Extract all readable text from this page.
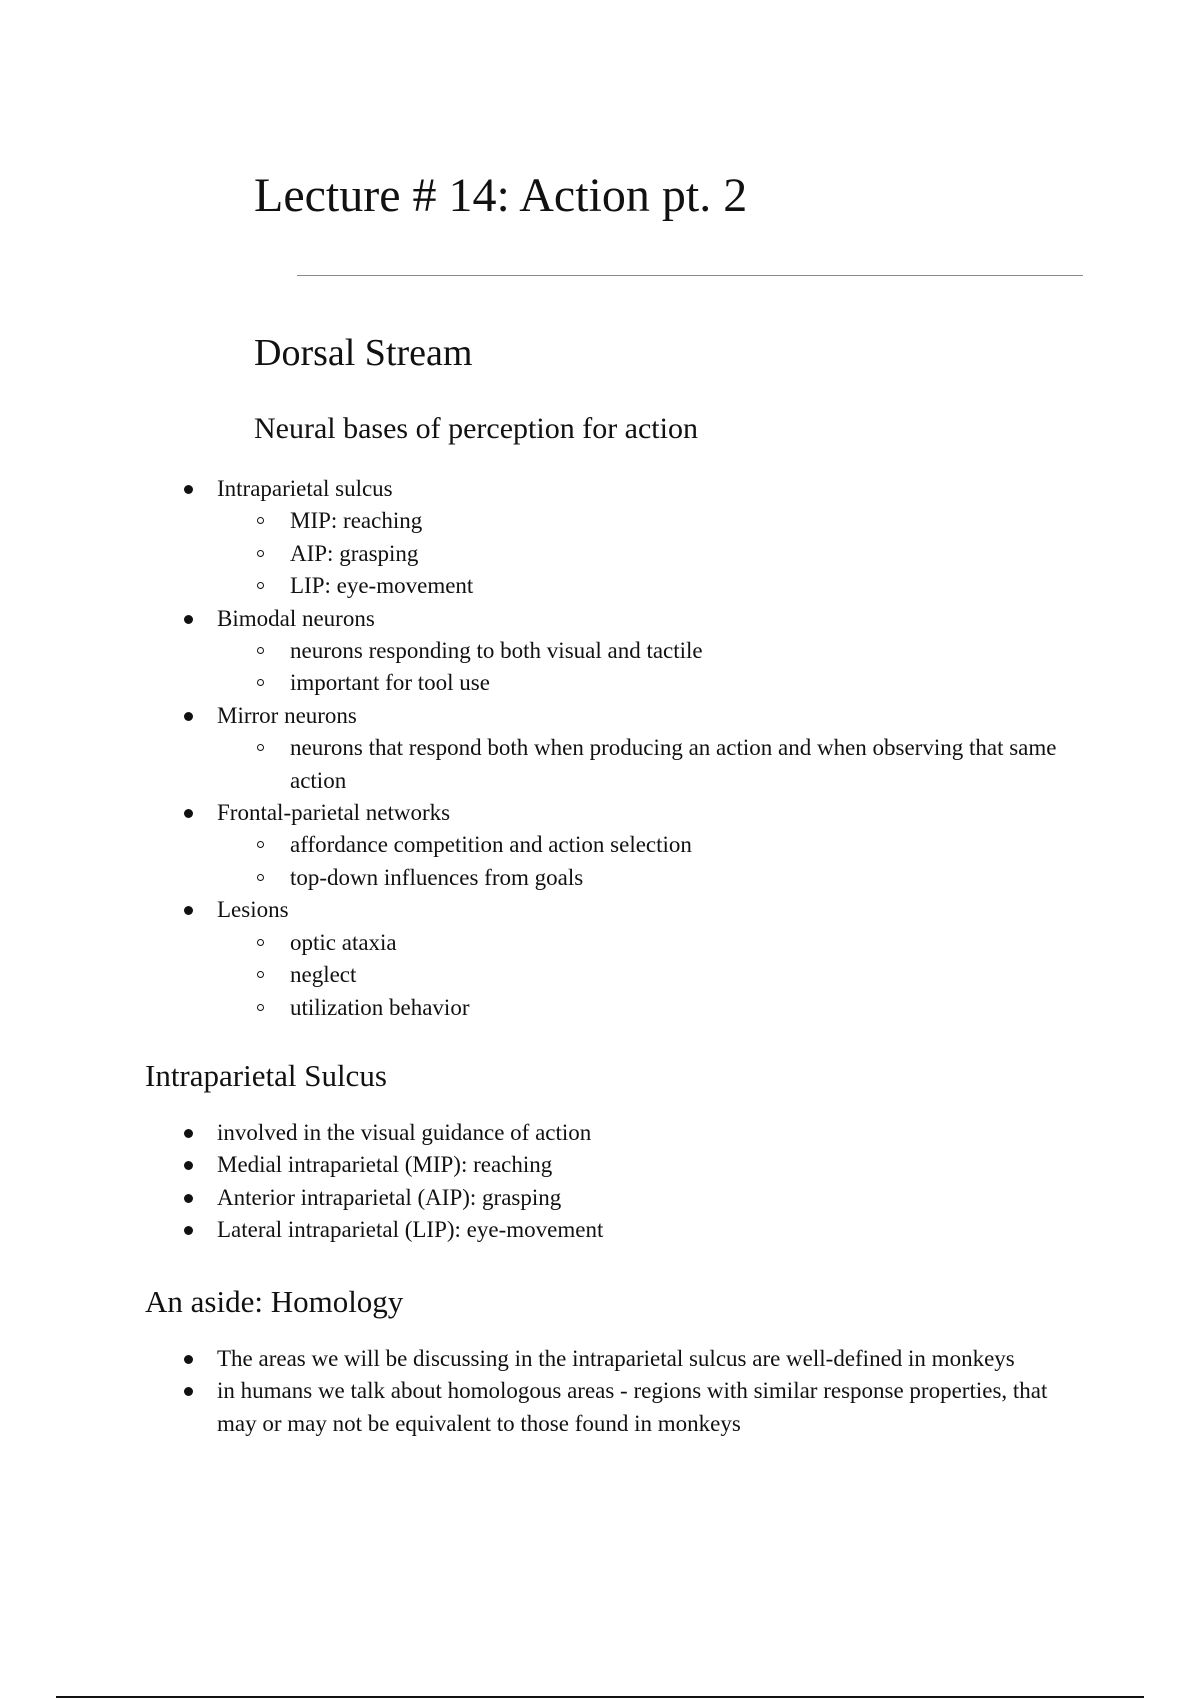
Lecture # 14: Action pt. 2
Dorsal Stream
Neural bases of perception for action
Intraparietal sulcus
MIP: reaching
AIP: grasping
LIP: eye-movement
Bimodal neurons
neurons responding to both visual and tactile
important for tool use
Mirror neurons
neurons that respond both when producing an action and when observing that same action
Frontal-parietal networks
affordance competition and action selection
top-down influences from goals
Lesions
optic ataxia
neglect
utilization behavior
Intraparietal Sulcus
involved in the visual guidance of action
Medial intraparietal (MIP): reaching
Anterior intraparietal (AIP): grasping
Lateral intraparietal (LIP): eye-movement
An aside: Homology
The areas we will be discussing in the intraparietal sulcus are well-defined in monkeys
in humans we talk about homologous areas - regions with similar response properties, that may or may not be equivalent to those found in monkeys
